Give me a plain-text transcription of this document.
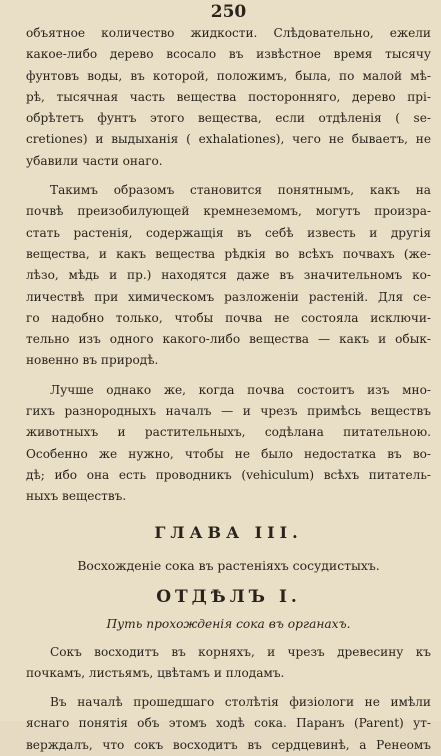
250

объятное количество жидкости. Слѣдовательно, ежели
какое-либо дерево всосало въ извѣстное время тысячу
фунтовъ воды, въ которой, положимъ, была, по малой мѣ-
рѣ, тысячная часть вещества посторонняго, дерево прі-
обрѣтетъ фунтъ этого вещества, если отдѣленія ( se-
cretiones) и выдыханія ( exhalationes), чего не бываетъ, не
убавили части онаго.

Такимъ образомъ становится понятнымъ, какъ на
почвѣ преизобилующей кремнеземомъ, могутъ произра-
стать растенія, содержащія въ себѣ известь и другія
вещества, и какъ вещества рѣдкія во всѣхъ почвахъ (же-
лѣзо, мѣдь и пр.) находятся даже въ значительномъ ко-
личествѣ при химическомъ разложеніи растеній. Для се-
го надобно только, чтобы почва не состояла исключи-
тельно изъ одного какого-либо вещества — какъ и обык-
новенно въ природѣ.

Лучше однако же, когда почва состоитъ изъ мно-
гихъ разнородныхъ началъ — и чрезъ примѣсь веществъ
животныхъ и растительныхъ, содѣлана питательною.
Особенно же нужно, чтобы не было недостатка въ во-
дѣ; ибо она есть проводникъ (vehiculum) всѣхъ питатель-
ныхъ веществъ.

ГЛАВА III.
Восхожденіе сока въ растеніяхъ сосудистыхъ.
ОТДѢЛЪ I.
Путь прохожденія сока въ органахъ.

Сокъ восходитъ въ корняхъ, и чрезъ древесину къ
почкамъ, листьямъ, цвѣтамъ и плодамъ.

Въ началѣ прошедшаго столѣтія физіологи не имѣли
яснаго понятія объ этомъ ходѣ сока. Паранъ (Parent) ут-
верждалъ, что сокъ восходитъ въ сердцевинѣ, а Ренеомъ
